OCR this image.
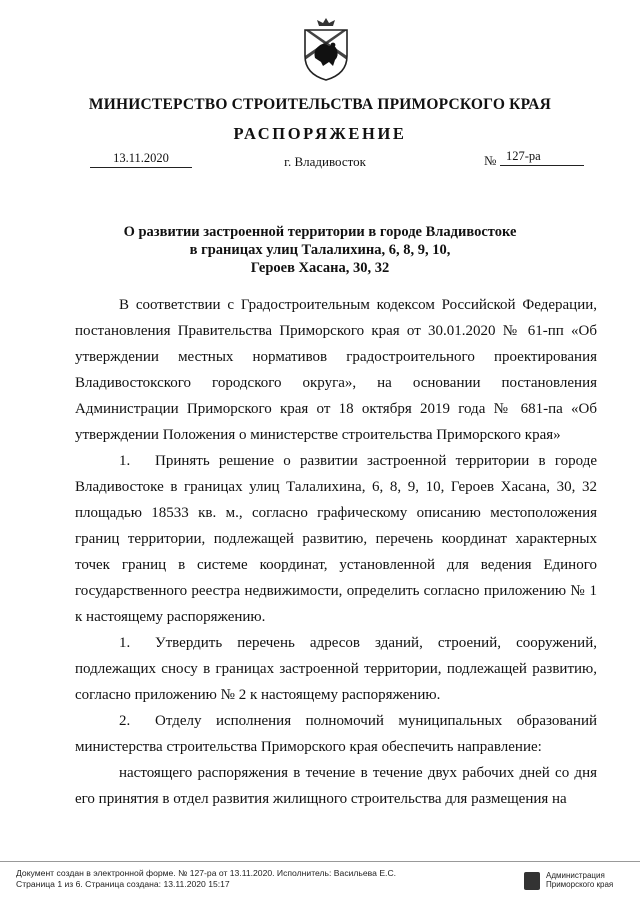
МИНИСТЕРСТВО СТРОИТЕЛЬСТВА ПРИМОРСКОГО КРАЯ
РАСПОРЯЖЕНИЕ
13.11.2020	г. Владивосток	№ 127-ра
О развитии застроенной территории в городе Владивостоке
в границах улиц Талалихина, 6, 8, 9, 10,
Героев Хасана, 30, 32

В соответствии с Градостроительным кодексом Российской Федерации, постановления Правительства Приморского края от 30.01.2020 № 61-пп «Об утверждении местных нормативов градостроительного проектирования Владивостокского городского округа», на основании постановления Администрации Приморского края от 18 октября 2019 года № 681-па «Об утверждении Положения о министерстве строительства Приморского края»

1. Принять решение о развитии застроенной территории в городе Владивостоке в границах улиц Талалихина, 6, 8, 9, 10, Героев Хасана, 30, 32 площадью 18533 кв. м., согласно графическому описанию местоположения границ территории, подлежащей развитию, перечень координат характерных точек границ в системе координат, установленной для ведения Единого государственного реестра недвижимости, определить согласно приложению № 1 к настоящему распоряжению.

1. Утвердить перечень адресов зданий, строений, сооружений, подлежащих сносу в границах застроенной территории, подлежащей развитию, согласно приложению № 2 к настоящему распоряжению.

2. Отделу исполнения полномочий муниципальных образований министерства строительства Приморского края обеспечить направление:

настоящего распоряжения в течение в течение двух рабочих дней со дня его принятия в отдел развития жилищного строительства для размещения на

Документ создан в электронной форме. № 127-ра от 13.11.2020. Исполнитель: Васильева Е.С.
Страница 1 из 6. Страница создана: 13.11.2020 15:17
Администрация
Приморского края
